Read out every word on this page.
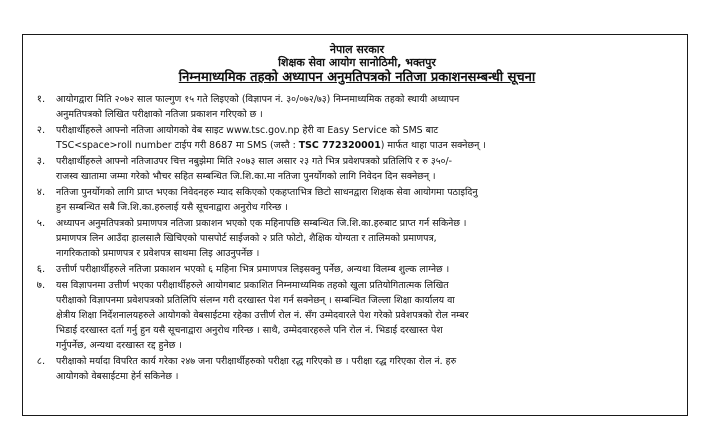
नेपाल सरकार
शिक्षक सेवा आयोग सानोठिमी, भक्तपुर
निम्नमाध्यमिक तहको अध्यापन अनुमतिपत्रको नतिजा प्रकाशनसम्बन्धी सूचना
१.	आयोगद्वारा मिति २०७२ साल फाल्गुण १५ गते लिइएको (विज्ञापन नं. ३०/०७२/७३) निम्नमाध्यमिक तहको स्थायी अध्यापन
अनुमतिपत्रको लिखित परीक्षाको नतिजा प्रकाशन गरिएको छ ।
२.	परीक्षार्थीहरुले आफ्नो नतिजा आयोगको वेब साइट www.tsc.gov.np हेरी वा Easy Service को SMS बाट
TSC<space>roll number टाईप गरी 8687 मा SMS (जस्तै : TSC 772320001) मार्फत थाहा पाउन सक्नेछन् ।
३.	परीक्षार्थीहरुले आफ्नो नतिजाउपर चित्त नबुझेमा मिति २०७३ साल असार २३ गते भित्र प्रवेशपत्रको प्रतिलिपि र रु ३५०/-
राजस्व खातामा जम्मा गरेको भौचर सहित सम्बन्धित जि.शि.का.मा नतिजा पुनर्योगको लागि निवेदन दिन सक्नेछन् ।
४.	नतिजा पुनर्योगको लागि प्राप्त भएका निवेदनहरु म्याद सकिएको एकहप्ताभित्र छिटो साधनद्वारा शिक्षक सेवा आयोगमा पठाइदिनु
हुन सम्बन्धित सबै जि.शि.का.हरुलाई यसै सूचनाद्वारा अनुरोध गरिन्छ ।
५.	अध्यापन अनुमतिपत्रको प्रमाणपत्र नतिजा प्रकाशन भएको एक महिनापछि सम्बन्धित जि.शि.का.हरुबाट प्राप्त गर्न सकिनेछ ।
प्रमाणपत्र लिन आउँदा हालसालै खिचिएको पासपोर्ट साईजको २ प्रति फोटो, शैक्षिक योग्यता र तालिमको प्रमाणपत्र,
नागरिकताको प्रमाणपत्र र प्रवेशपत्र साथमा लिइ आउनुपर्नेछ ।
६.	उत्तीर्ण परीक्षार्थीहरुले नतिजा प्रकाशन भएको ६ महिना भित्र प्रमाणपत्र लिइसक्नु पर्नेछ, अन्यथा विलम्ब शुल्क लाग्नेछ ।
७.	यस विज्ञापनमा उत्तीर्ण भएका परीक्षार्थीहरुले आयोगबाट प्रकाशित निम्नमाध्यमिक तहको खुला प्रतियोगितात्मक लिखित
परीक्षाको विज्ञापनमा प्रवेशपत्रको प्रतिलिपि संलग्न गरी दरखास्त पेश गर्न सक्नेछन् । सम्बन्धित जिल्ला शिक्षा कार्यालय वा
क्षेत्रीय शिक्षा निर्देशनालयहरुले आयोगको वेबसाईटमा रहेका उत्तीर्ण रोल नं. सँग उम्मेदवारले पेश गरेको प्रवेशपत्रको रोल नम्बर
भिडाई दरखास्त दर्ता गर्नु हुन यसै सूचनाद्वारा अनुरोध गरिन्छ । साथै, उम्मेदवारहरुले पनि रोल नं. भिडाई दरखास्त पेश
गर्नुपर्नेछ, अन्यथा दरखास्त रद्द हुनेछ ।
८.	परीक्षाको मर्यादा विपरित कार्य गरेका २४७ जना परीक्षार्थीहरुको परीक्षा रद्ध गरिएको छ । परीक्षा रद्ध गरिएका रोल नं. हरु
आयोगको वेबसाईटमा हेर्न सकिनेछ ।
